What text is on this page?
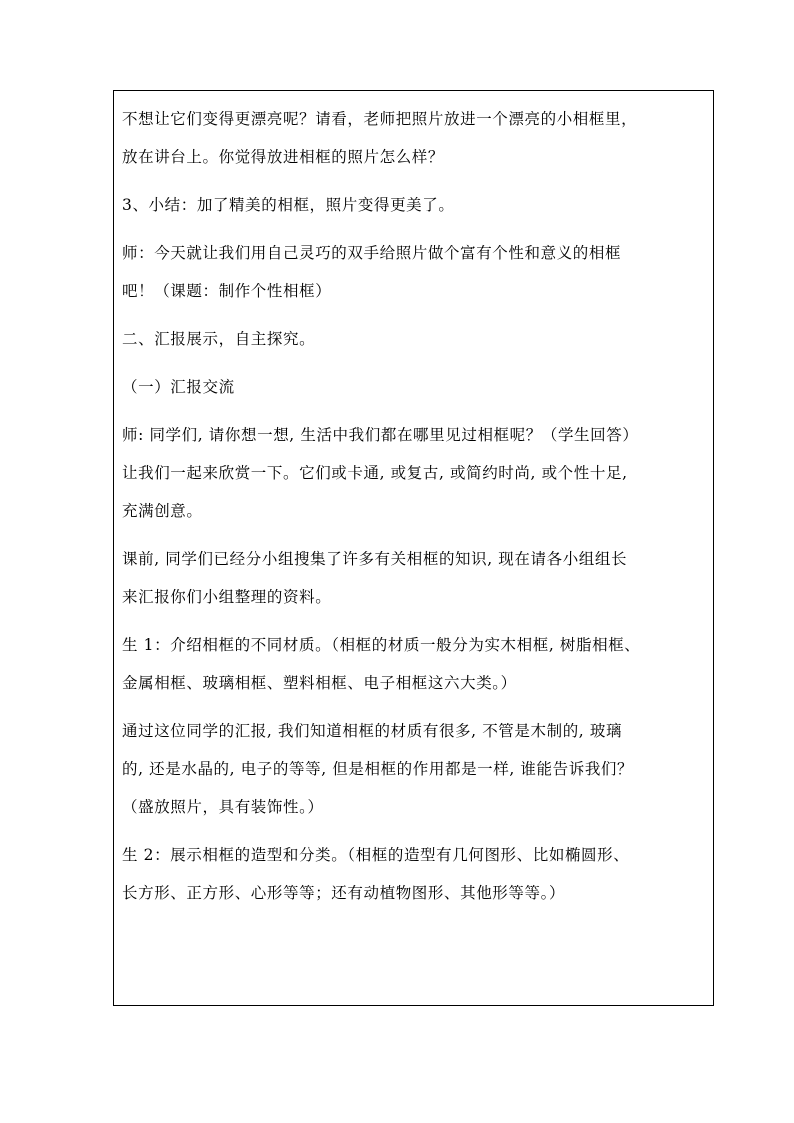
不想让它们变得更漂亮呢？请看，老师把照片放进一个漂亮的小相框里，
放在讲台上。你觉得放进相框的照片怎么样？

3、小结：加了精美的相框，照片变得更美了。

师：今天就让我们用自己灵巧的双手给照片做个富有个性和意义的相框
吧！（课题：制作个性相框）

二、汇报展示，自主探究。

（一）汇报交流

师: 同学们, 请你想一想, 生活中我们都在哪里见过相框呢？（学生回答）
让我们一起来欣赏一下。它们或卡通, 或复古, 或简约时尚, 或个性十足,
充满创意。

课前, 同学们已经分小组搜集了许多有关相框的知识, 现在请各小组组长
来汇报你们小组整理的资料。

生 1：介绍相框的不同材质。（相框的材质一般分为实木相框, 树脂相框、
金属相框、玻璃相框、塑料相框、电子相框这六大类。）

通过这位同学的汇报, 我们知道相框的材质有很多, 不管是木制的, 玻璃
的, 还是水晶的, 电子的等等, 但是相框的作用都是一样, 谁能告诉我们？
（盛放照片，具有装饰性。）

生 2：展示相框的造型和分类。（相框的造型有几何图形、比如椭圆形、
长方形、正方形、心形等等；还有动植物图形、其他形等等。）
